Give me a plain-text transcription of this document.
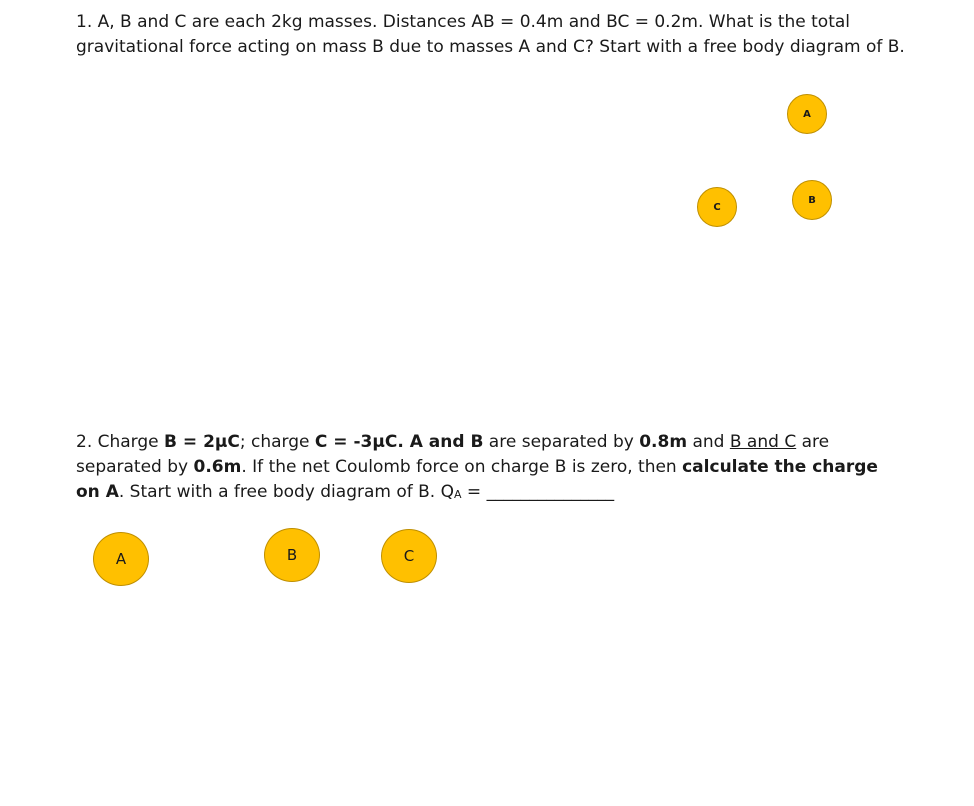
1. A, B and C are each 2kg masses. Distances AB = 0.4m and BC = 0.2m. What is the total gravitational force acting on mass B due to masses A and C? Start with a free body diagram of B.

A
B
C

2. Charge B = 2μC; charge C = -3μC. A and B are separated by 0.8m and B and C are separated by 0.6m. If the net Coulomb force on charge B is zero, then calculate the charge on A. Start with a free body diagram of B. QA = _______________

A	B	C
